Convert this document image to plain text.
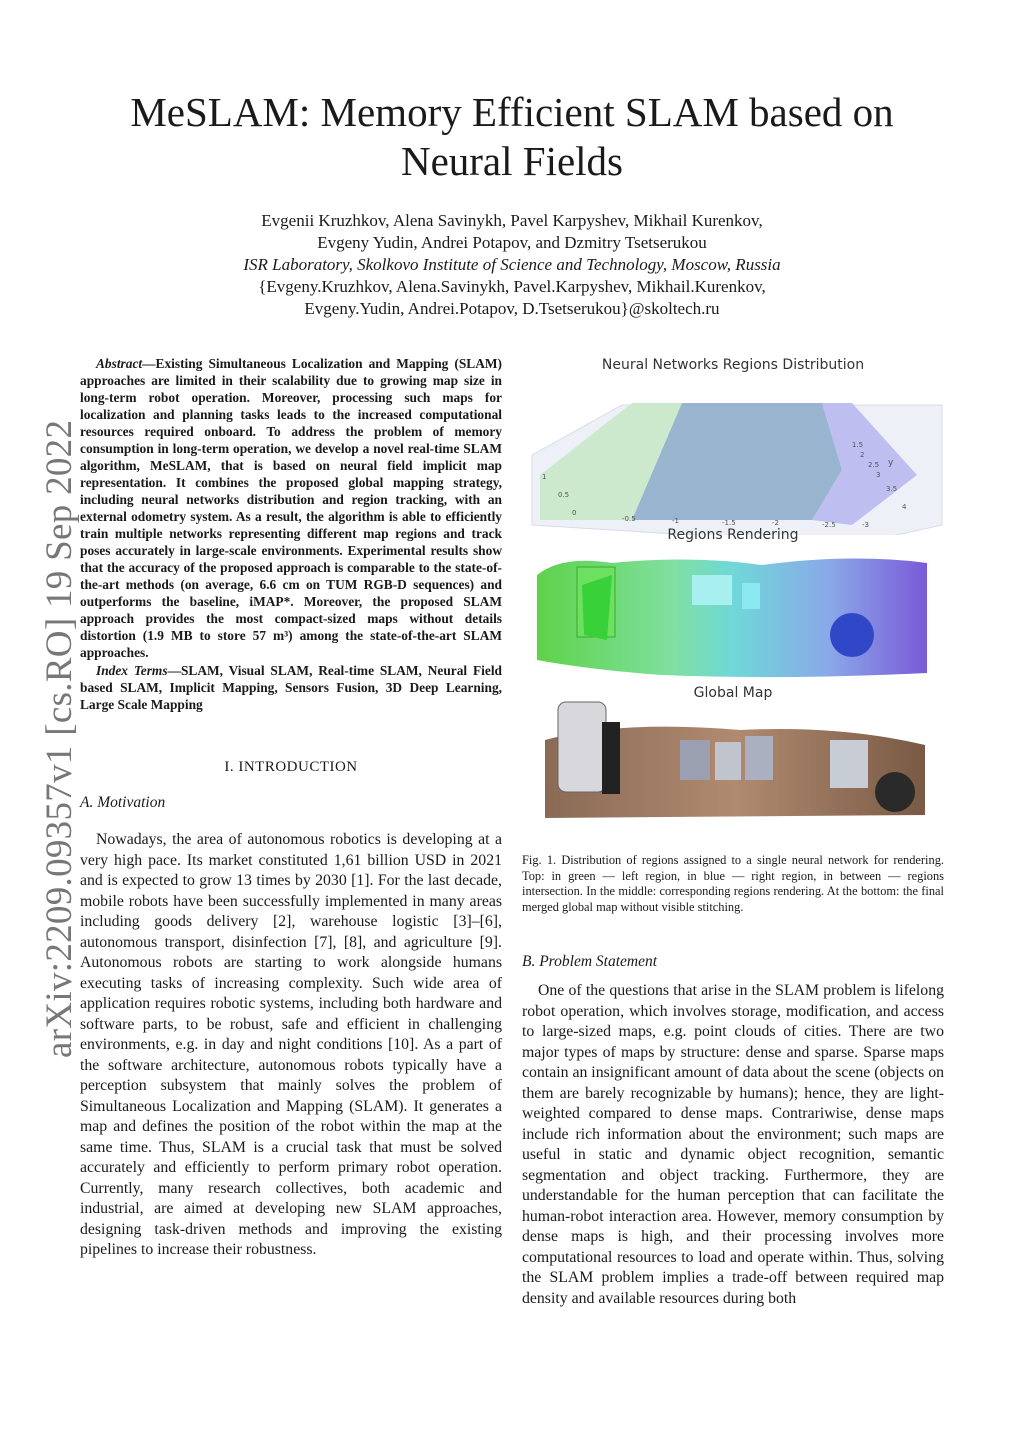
arXiv:2209.09357v1 [cs.RO] 19 Sep 2022
MeSLAM: Memory Efficient SLAM based on Neural Fields
Evgenii Kruzhkov, Alena Savinykh, Pavel Karpyshev, Mikhail Kurenkov,
Evgeny Yudin, Andrei Potapov, and Dzmitry Tsetserukou
ISR Laboratory, Skolkovo Institute of Science and Technology, Moscow, Russia
{Evgeny.Kruzhkov, Alena.Savinykh, Pavel.Karpyshev, Mikhail.Kurenkov,
Evgeny.Yudin, Andrei.Potapov, D.Tsetserukou}@skoltech.ru

Abstract—Existing Simultaneous Localization and Mapping (SLAM) approaches are limited in their scalability due to growing map size in long-term robot operation. Moreover, processing such maps for localization and planning tasks leads to the increased computational resources required onboard. To address the problem of memory consumption in long-term operation, we develop a novel real-time SLAM algorithm, MeSLAM, that is based on neural field implicit map representation. It combines the proposed global mapping strategy, including neural networks distribution and region tracking, with an external odometry system. As a result, the algorithm is able to efficiently train multiple networks representing different map regions and track poses accurately in large-scale environments. Experimental results show that the accuracy of the proposed approach is comparable to the state-of-the-art methods (on average, 6.6 cm on TUM RGB-D sequences) and outperforms the baseline, iMAP*. Moreover, the proposed SLAM approach provides the most compact-sized maps without details distortion (1.9 MB to store 57 m³) among the state-of-the-art SLAM approaches.

Index Terms—SLAM, Visual SLAM, Real-time SLAM, Neural Field based SLAM, Implicit Mapping, Sensors Fusion, 3D Deep Learning, Large Scale Mapping

I. INTRODUCTION
A. Motivation

Nowadays, the area of autonomous robotics is developing at a very high pace. Its market constituted 1,61 billion USD in 2021 and is expected to grow 13 times by 2030 [1]. For the last decade, mobile robots have been successfully implemented in many areas including goods delivery [2], warehouse logistic [3]–[6], autonomous transport, disinfection [7], [8], and agriculture [9]. Autonomous robots are starting to work alongside humans executing tasks of increasing complexity. Such wide area of application requires robotic systems, including both hardware and software parts, to be robust, safe and efficient in challenging environments, e.g. in day and night conditions [10]. As a part of the software architecture, autonomous robots typically have a perception subsystem that mainly solves the problem of Simultaneous Localization and Mapping (SLAM). It generates a map and defines the position of the robot within the map at the same time. Thus, SLAM is a crucial task that must be solved accurately and efficiently to perform primary robot operation. Currently, many research collectives, both academic and industrial, are aimed at developing new SLAM approaches, designing task-driven methods and improving the existing pipelines to increase their robustness.

Neural Networks Regions Distribution
1.5
2
2.5
3
3.5
4
y
1
0.5
0
-0.5	-1	-1.5	-2	-2.5	-3
Regions Rendering
Global Map

Fig. 1. Distribution of regions assigned to a single neural network for rendering. Top: in green — left region, in blue — right region, in between — regions intersection. In the middle: corresponding regions rendering. At the bottom: the final merged global map without visible stitching.

B. Problem Statement

One of the questions that arise in the SLAM problem is lifelong robot operation, which involves storage, modification, and access to large-sized maps, e.g. point clouds of cities. There are two major types of maps by structure: dense and sparse. Sparse maps contain an insignificant amount of data about the scene (objects on them are barely recognizable by humans); hence, they are light-weighted compared to dense maps. Contrariwise, dense maps include rich information about the environment; such maps are useful in static and dynamic object recognition, semantic segmentation and object tracking. Furthermore, they are understandable for the human perception that can facilitate the human-robot interaction area. However, memory consumption by dense maps is high, and their processing involves more computational resources to load and operate within. Thus, solving the SLAM problem implies a trade-off between required map density and available resources during both
